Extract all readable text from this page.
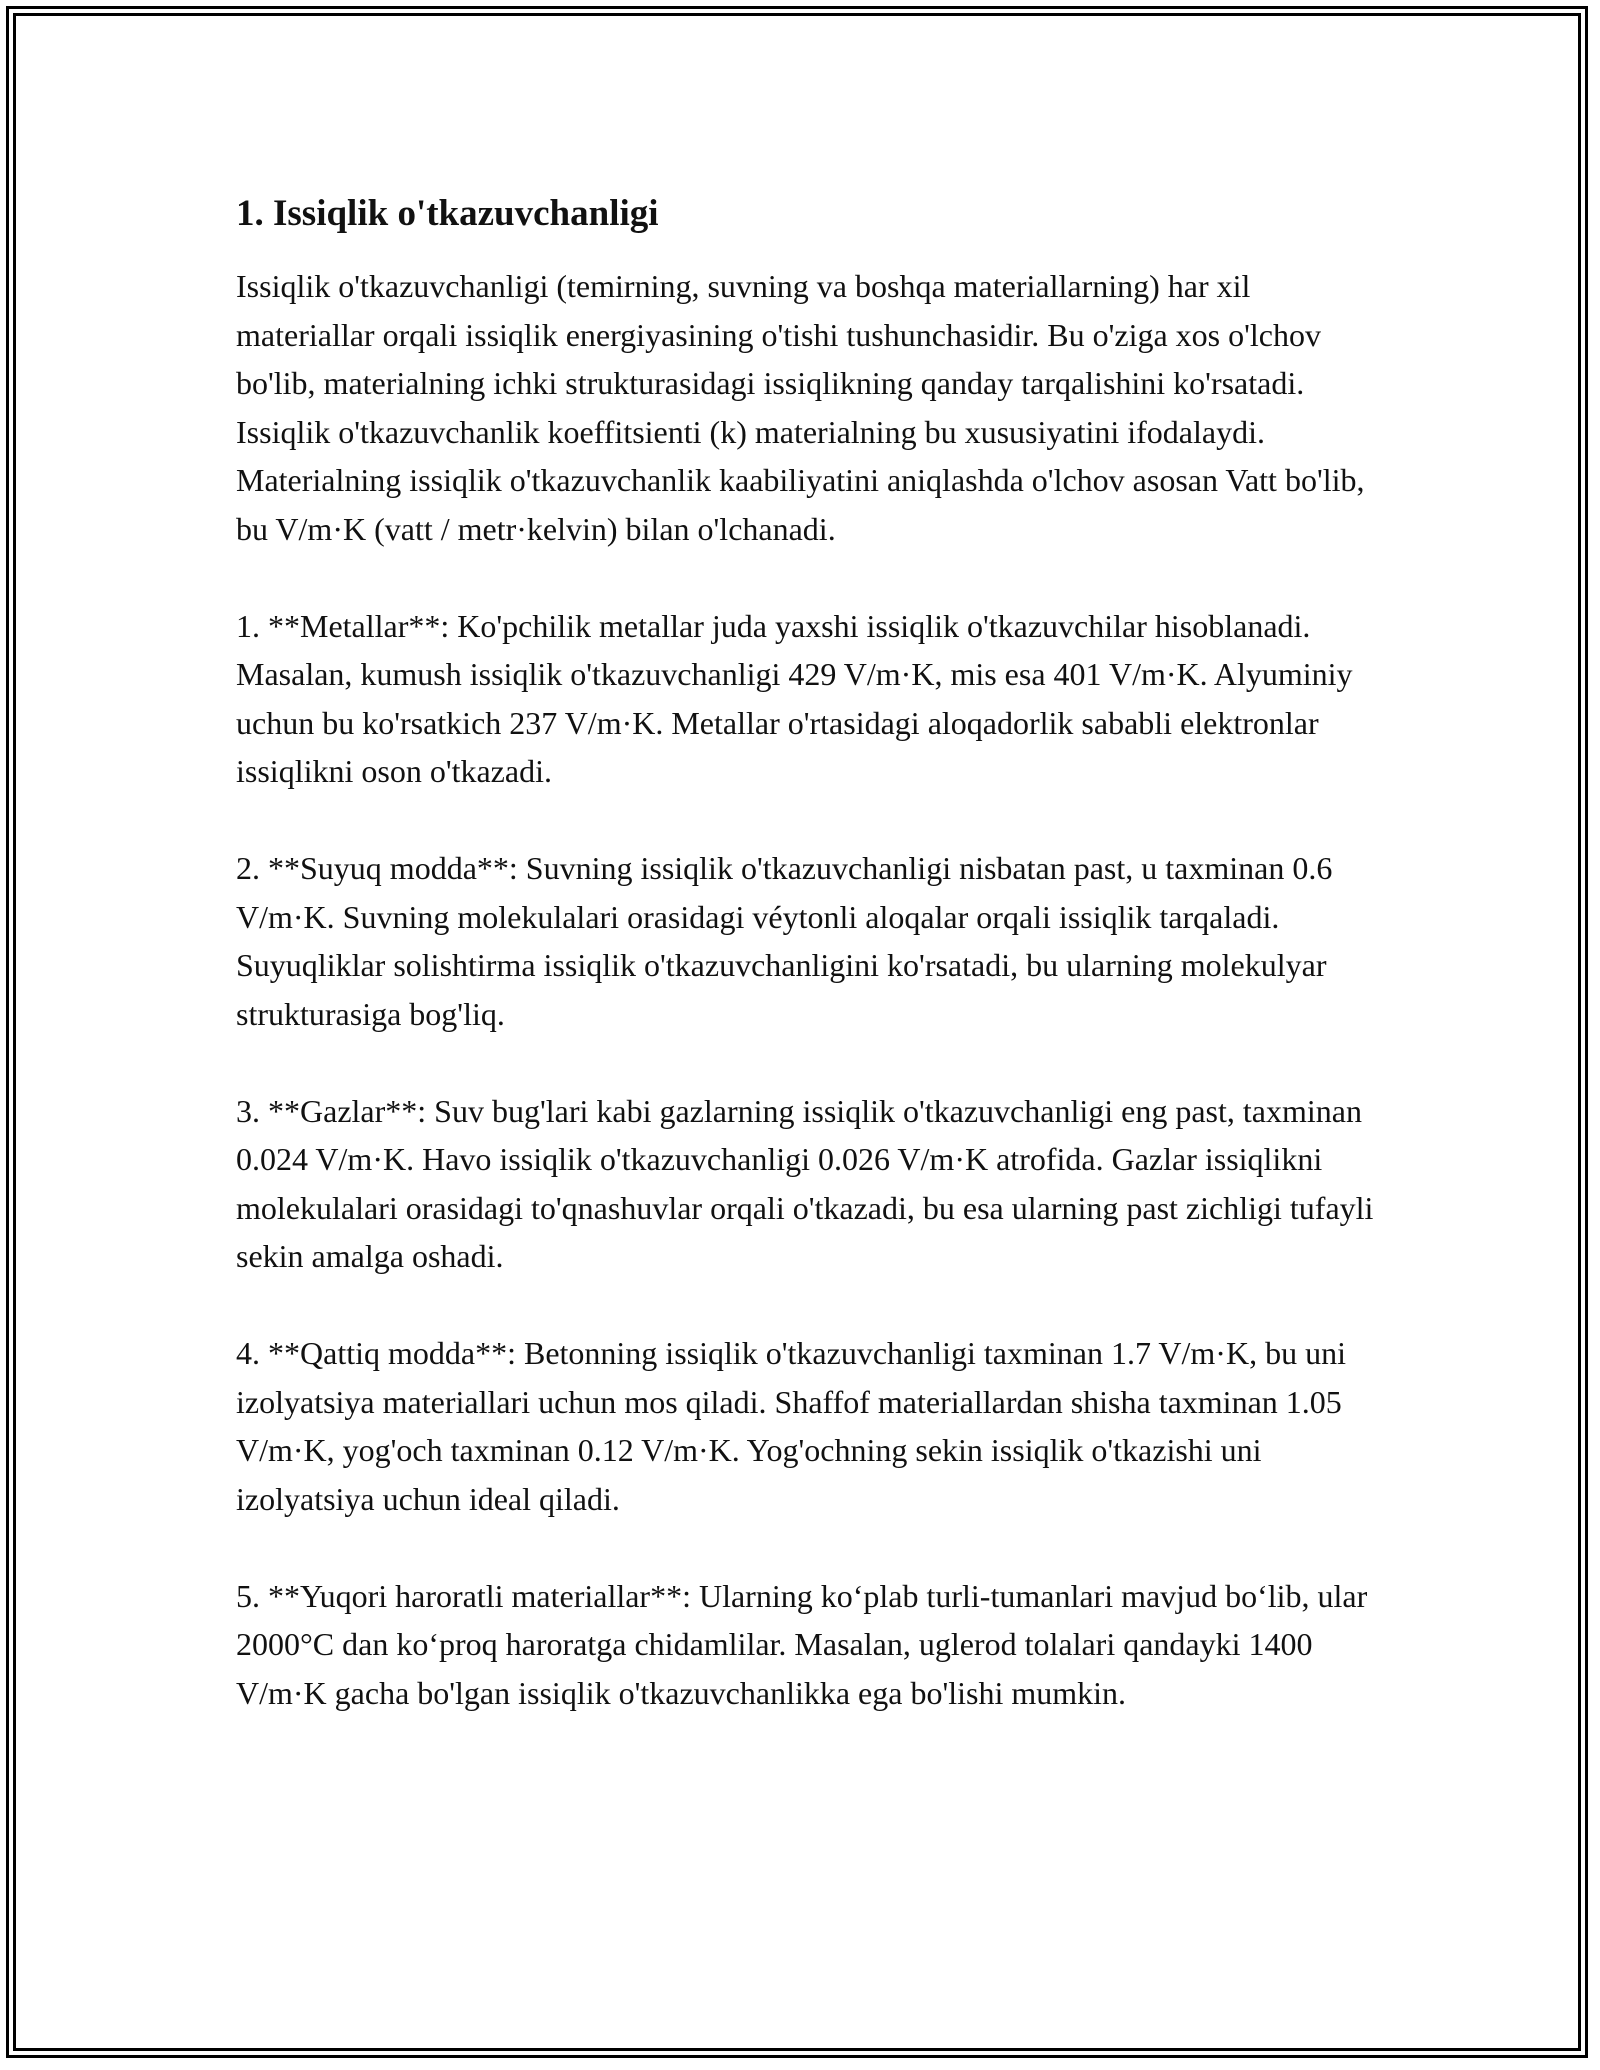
1. Issiqlik o'tkazuvchanligi

Issiqlik o'tkazuvchanligi (temirning, suvning va boshqa materiallarning) har xil materiallar orqali issiqlik energiyasining o'tishi tushunchasidir. Bu o'ziga xos o'lchov bo'lib, materialning ichki strukturasidagi issiqlikning qanday tarqalishini ko'rsatadi. Issiqlik o'tkazuvchanlik koeffitsienti (k) materialning bu xususiyatini ifodalaydi. Materialning issiqlik o'tkazuvchanlik kaabiliyatini aniqlashda o'lchov asosan Vatt bo'lib, bu V/m·K (vatt / metr·kelvin) bilan o'lchanadi.

1. **Metallar**: Ko'pchilik metallar juda yaxshi issiqlik o'tkazuvchilar hisoblanadi. Masalan, kumush issiqlik o'tkazuvchanligi 429 V/m·K, mis esa 401 V/m·K. Alyuminiy uchun bu ko'rsatkich 237 V/m·K. Metallar o'rtasidagi aloqadorlik sababli elektronlar issiqlikni oson o'tkazadi.

2. **Suyuq modda**: Suvning issiqlik o'tkazuvchanligi nisbatan past, u taxminan 0.6 V/m·K. Suvning molekulalari orasidagi véytonli aloqalar orqali issiqlik tarqaladi. Suyuqliklar solishtirma issiqlik o'tkazuvchanligini ko'rsatadi, bu ularning molekulyar strukturasiga bog'liq.

3. **Gazlar**: Suv bug'lari kabi gazlarning issiqlik o'tkazuvchanligi eng past, taxminan 0.024 V/m·K. Havo issiqlik o'tkazuvchanligi 0.026 V/m·K atrofida. Gazlar issiqlikni molekulalari orasidagi to'qnashuvlar orqali o'tkazadi, bu esa ularning past zichligi tufayli sekin amalga oshadi.

4. **Qattiq modda**: Betonning issiqlik o'tkazuvchanligi taxminan 1.7 V/m·K, bu uni izolyatsiya materiallari uchun mos qiladi. Shaffof materiallardan shisha taxminan 1.05 V/m·K, yog'och taxminan 0.12 V/m·K. Yog'ochning sekin issiqlik o'tkazishi uni izolyatsiya uchun ideal qiladi.

5. **Yuqori haroratli materiallar**: Ularning ko‘plab turli-tumanlari mavjud bo‘lib, ular 2000°C dan ko‘proq haroratga chidamlilar. Masalan, uglerod tolalari qandayki 1400 V/m·K gacha bo'lgan issiqlik o'tkazuvchanlikka ega bo'lishi mumkin.
